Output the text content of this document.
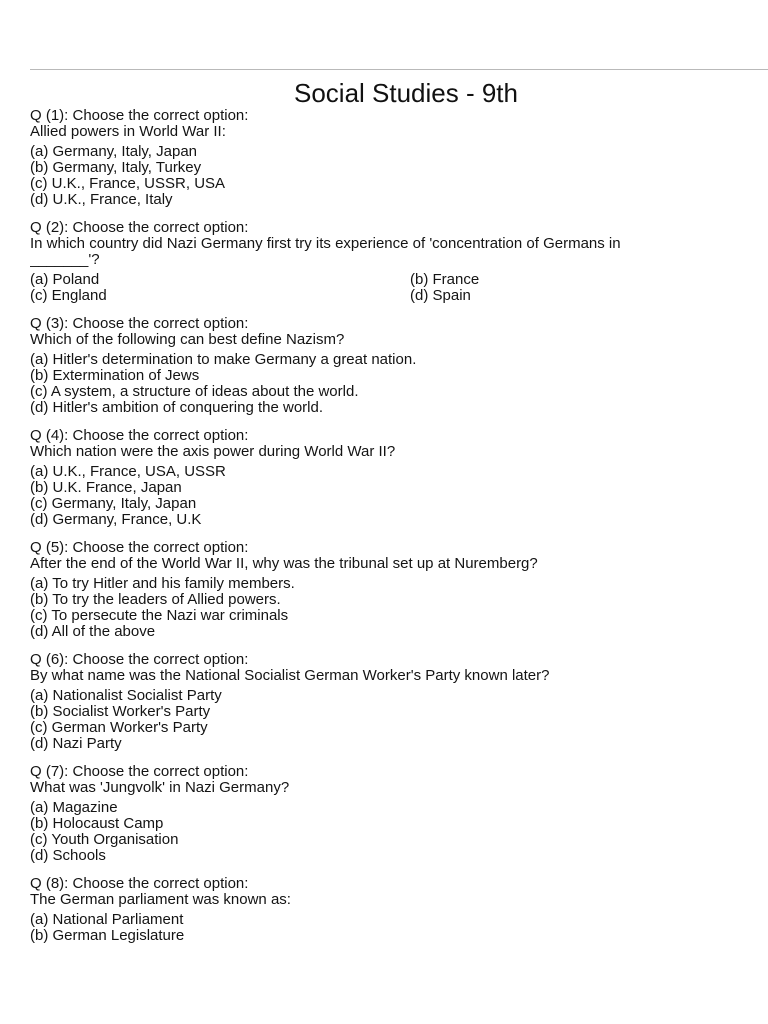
Social Studies - 9th
Q (1): Choose the correct option:
Allied powers in World War II:
(a) Germany, Italy, Japan
(b) Germany, Italy, Turkey
(c) U.K., France, USSR, USA
(d) U.K., France, Italy
Q (2): Choose the correct option:
In which country did Nazi Germany first try its experience of 'concentration of Germans in
_______'?
(a) Poland	(b) France
(c) England	(d) Spain
Q (3): Choose the correct option:
Which of the following can best define Nazism?
(a) Hitler's determination to make Germany a great nation.
(b) Extermination of Jews
(c) A system, a structure of ideas about the world.
(d) Hitler's ambition of conquering the world.
Q (4): Choose the correct option:
Which nation were the axis power during World War II?
(a) U.K., France, USA, USSR
(b) U.K. France, Japan
(c) Germany, Italy, Japan
(d) Germany, France, U.K
Q (5): Choose the correct option:
After the end of the World War II, why was the tribunal set up at Nuremberg?
(a) To try Hitler and his family members.
(b) To try the leaders of Allied powers.
(c) To persecute the Nazi war criminals
(d) All of the above
Q (6): Choose the correct option:
By what name was the National Socialist German Worker's Party known later?
(a) Nationalist Socialist Party
(b) Socialist Worker's Party
(c) German Worker's Party
(d) Nazi Party
Q (7): Choose the correct option:
What was 'Jungvolk' in Nazi Germany?
(a) Magazine
(b) Holocaust Camp
(c) Youth Organisation
(d) Schools
Q (8): Choose the correct option:
The German parliament was known as:
(a) National Parliament
(b) German Legislature
